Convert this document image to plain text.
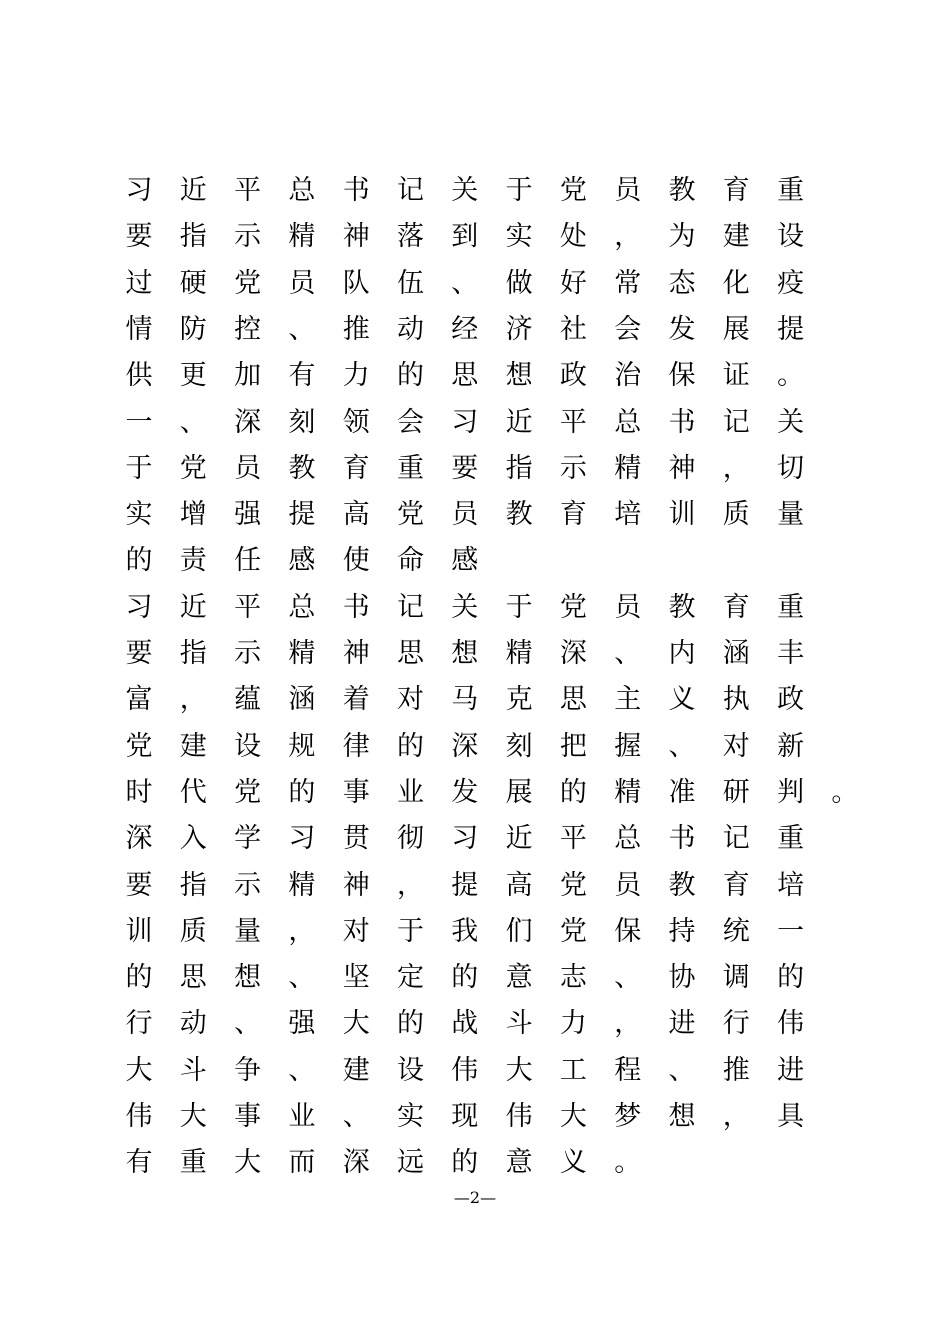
习 近 平 总 书 记 关 于 党 员 教 育 重
要 指 示 精 神 落 到 实 处 ， 为 建 设
过 硬 党 员 队 伍 、 做 好 常 态 化 疫
情 防 控 、 推 动 经 济 社 会 发 展 提
供 更 加 有 力 的 思 想 政 治 保 证 。
一 、 深 刻 领 会 习 近 平 总 书 记 关
于 党 员 教 育 重 要 指 示 精 神 ， 切
实 增 强 提 高 党 员 教 育 培 训 质 量
的 责 任 感 使 命 感
习 近 平 总 书 记 关 于 党 员 教 育 重
要 指 示 精 神 思 想 精 深 、 内 涵 丰
富 ， 蕴 涵 着 对 马 克 思 主 义 执 政
党 建 设 规 律 的 深 刻 把 握 、 对 新
时 代 党 的 事 业 发 展 的 精 准 研 判 。
深 入 学 习 贯 彻 习 近 平 总 书 记 重
要 指 示 精 神 ， 提 高 党 员 教 育 培
训 质 量 ， 对 于 我 们 党 保 持 统 一
的 思 想 、 坚 定 的 意 志 、 协 调 的
行 动 、 强 大 的 战 斗 力 ， 进 行 伟
大 斗 争 、 建 设 伟 大 工 程 、 推 进
伟 大 事 业 、 实 现 伟 大 梦 想 ， 具
有 重 大 而 深 远 的 意 义 。
—2—
